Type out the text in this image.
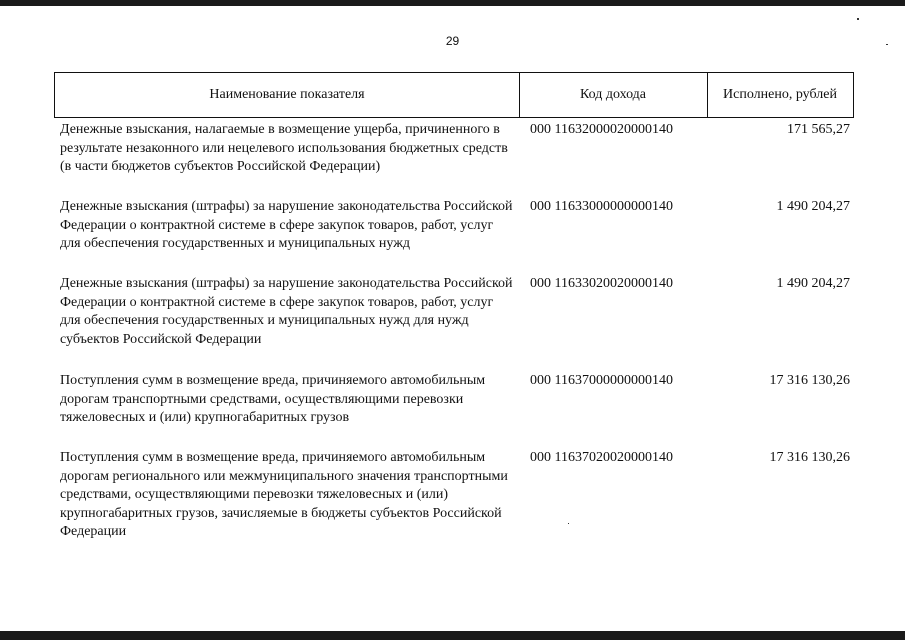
29
Наименование показателя	Код дохода	Исполнено, рублей
Денежные взыскания, налагаемые в возмещение ущерба, причиненного в результате незаконного или нецелевого использования бюджетных средств (в части бюджетов субъектов Российской Федерации)
000 11632000020000140	171 565,27
Денежные взыскания (штрафы) за нарушение законодательства Российской Федерации о контрактной системе в сфере закупок товаров, работ, услуг для обеспечения государственных и муниципальных нужд
000 11633000000000140	1 490 204,27
Денежные взыскания (штрафы) за нарушение законодательства Российской Федерации о контрактной системе в сфере закупок товаров, работ, услуг для обеспечения государственных и муниципальных нужд для нужд субъектов Российской Федерации
000 11633020020000140	1 490 204,27
Поступления сумм в возмещение вреда, причиняемого автомобильным дорогам транспортными средствами, осуществляющими перевозки тяжеловесных и (или) крупногабаритных грузов
000 11637000000000140	17 316 130,26
Поступления сумм в возмещение вреда, причиняемого автомобильным дорогам регионального или межмуниципального значения транспортными средствами, осуществляющими перевозки тяжеловесных и (или) крупногабаритных грузов, зачисляемые в бюджеты субъектов Российской Федерации
000 11637020020000140	17 316 130,26
